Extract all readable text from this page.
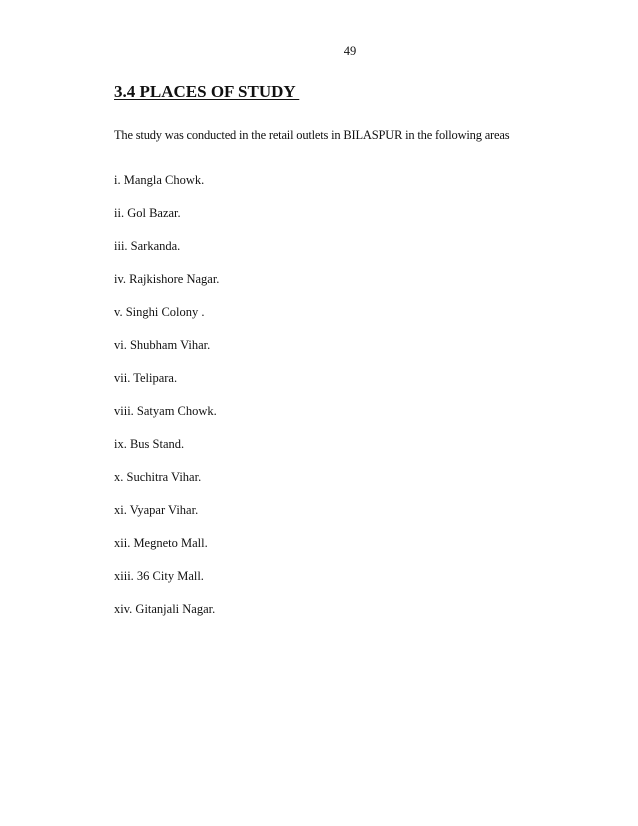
49
3.4 PLACES OF STUDY
The study was conducted in the retail outlets in BILASPUR in the following areas
i. Mangla Chowk.
ii. Gol Bazar.
iii. Sarkanda.
iv. Rajkishore Nagar.
v. Singhi Colony .
vi. Shubham Vihar.
vii. Telipara.
viii. Satyam Chowk.
ix. Bus Stand.
x. Suchitra Vihar.
xi. Vyapar Vihar.
xii. Megneto Mall.
xiii. 36 City Mall.
xiv. Gitanjali Nagar.
